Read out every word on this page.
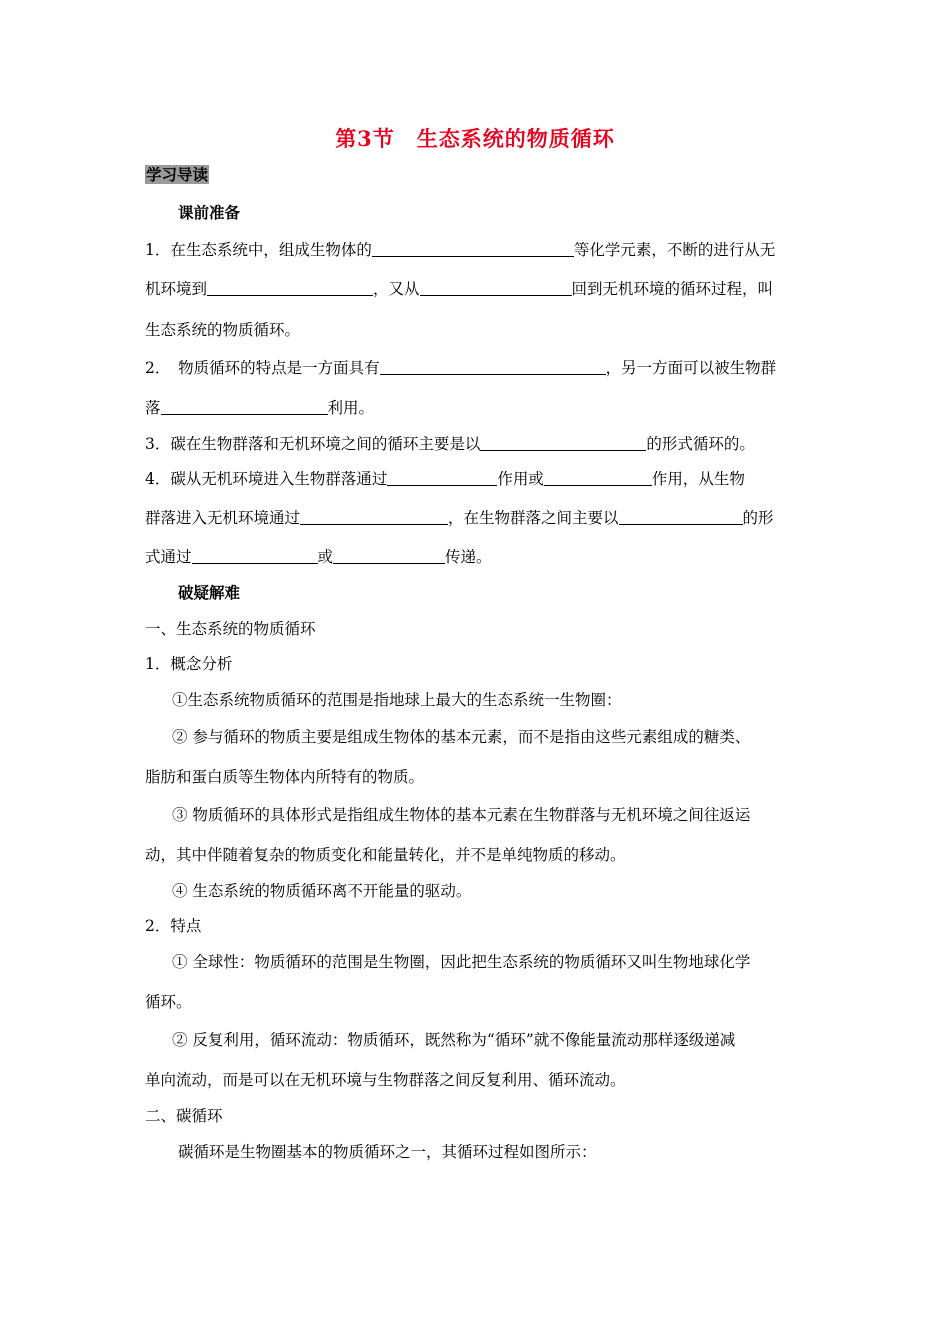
第3节　生态系统的物质循环
学习导读
课前准备
1．在生态系统中，组成生物体的	等化学元素，不断的进行从无
机环境到	，又从	回到无机环境的循环过程，叫
生态系统的物质循环。
2．　物质循环的特点是一方面具有	，另一方面可以被生物群
落	利用。
3．碳在生物群落和无机环境之间的循环主要是以	的形式循环的。
4．碳从无机环境进入生物群落通过	作用或	作用，从生物
群落进入无机环境通过	，在生物群落之间主要以	的形
式通过	或	传递。
破疑解难
一、生态系统的物质循环
1．概念分析
①生态系统物质循环的范围是指地球上最大的生态系统一生物圈：
② 参与循环的物质主要是组成生物体的基本元素，而不是指由这些元素组成的糖类、
脂肪和蛋白质等生物体内所特有的物质。
③ 物质循环的具体形式是指组成生物体的基本元素在生物群落与无机环境之间往返运
动，其中伴随着复杂的物质变化和能量转化，并不是单纯物质的移动。
④ 生态系统的物质循环离不开能量的驱动。
2．特点
① 全球性：物质循环的范围是生物圈，因此把生态系统的物质循环又叫生物地球化学
循环。
② 反复利用，循环流动：物质循环，既然称为“循环”就不像能量流动那样逐级递减
单向流动，而是可以在无机环境与生物群落之间反复利用、循环流动。
二、碳循环
碳循环是生物圈基本的物质循环之一，其循环过程如图所示：
